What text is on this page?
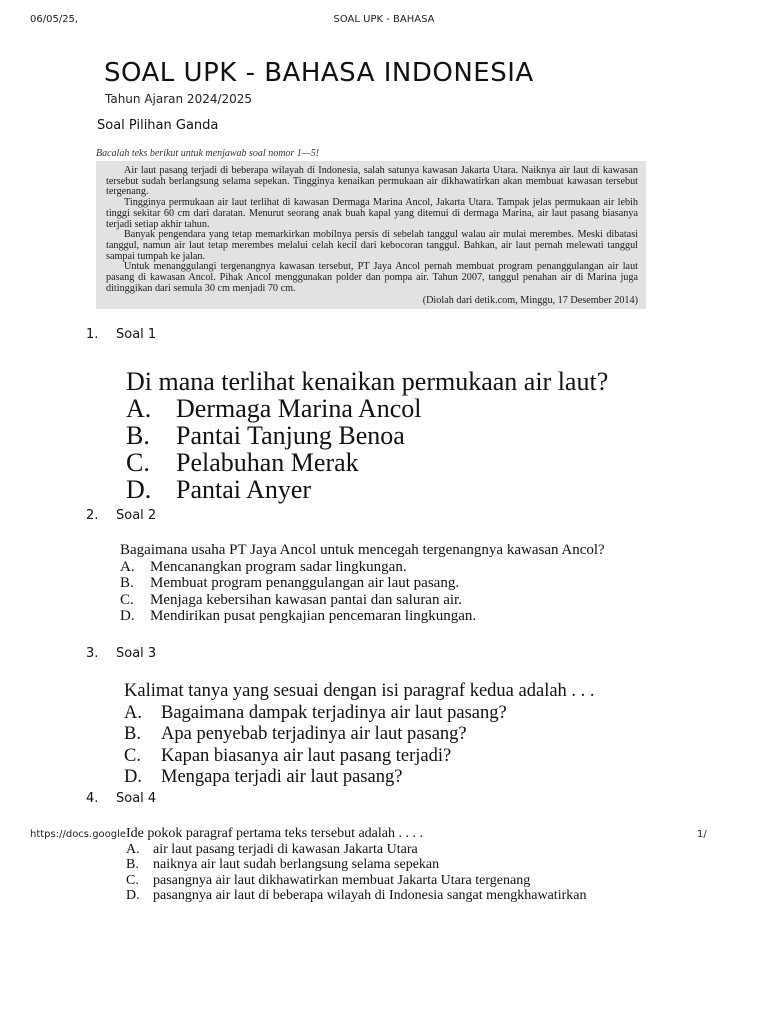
06/05/25,	SOAL UPK - BAHASA
SOAL UPK - BAHASA INDONESIA
Tahun Ajaran 2024/2025
Soal Pilihan Ganda
Bacalah teks berikut untuk menjawab soal nomor 1—5!

Air laut pasang terjadi di beberapa wilayah di Indonesia, salah satunya kawasan Jakarta Utara. Naiknya air laut di kawasan tersebut sudah berlangsung selama sepekan. Tingginya kenaikan permukaan air dikhawatirkan akan membuat kawasan tersebut tergenang.

Tingginya permukaan air laut terlihat di kawasan Dermaga Marina Ancol, Jakarta Utara. Tampak jelas permukaan air lebih tinggi sekitar 60 cm dari daratan. Menurut seorang anak buah kapal yang ditemui di dermaga Marina, air laut pasang biasanya terjadi setiap akhir tahun.

Banyak pengendara yang tetap memarkirkan mobilnya persis di sebelah tanggul walau air mulai merembes. Meski dibatasi tanggul, namun air laut tetap merembes melalui celah kecil dari kebocoran tanggul. Bahkan, air laut pernah melewati tanggul sampai tumpah ke jalan.

Untuk menanggulangi tergenangnya kawasan tersebut, PT Jaya Ancol pernah membuat program penanggulangan air laut pasang di kawasan Ancol. Pihak Ancol menggunakan polder dan pompa air. Tahun 2007, tanggul penahan air di Marina juga ditinggikan dari semula 30 cm menjadi 70 cm.

(Diolah dari detik.com, Minggu, 17 Desember 2014)
1. Soal 1
Di mana terlihat kenaikan permukaan air laut?
A. Dermaga Marina Ancol
B.	Pantai Tanjung Benoa
C.	Pelabuhan Merak
D. Pantai Anyer
2. Soal 2
Bagaimana usaha PT Jaya Ancol untuk mencegah tergenangnya kawasan Ancol?
A.	Mencanangkan program sadar lingkungan.
B.	Membuat program penanggulangan air laut pasang.
C.	Menjaga kebersihan kawasan pantai dan saluran air.
D.	Mendirikan pusat pengkajian pencemaran lingkungan.
3. Soal 3
Kalimat tanya yang sesuai dengan isi paragraf kedua adalah . . .
A.	Bagaimana dampak terjadinya air laut pasang?
B.	Apa penyebab terjadinya air laut pasang?
C.	Kapan biasanya air laut pasang terjadi?
D.	Mengapa terjadi air laut pasang?
4. Soal 4
Ide pokok paragraf pertama teks tersebut adalah . . . .
A. air laut pasang terjadi di kawasan Jakarta Utara
B.	naiknya air laut sudah berlangsung selama sepekan
C.	pasangnya air laut dikhawatirkan membuat Jakarta Utara tergenang
D. pasangnya air laut di beberapa wilayah di Indonesia sangat mengkhawatirkan
https://docs.google	1/
